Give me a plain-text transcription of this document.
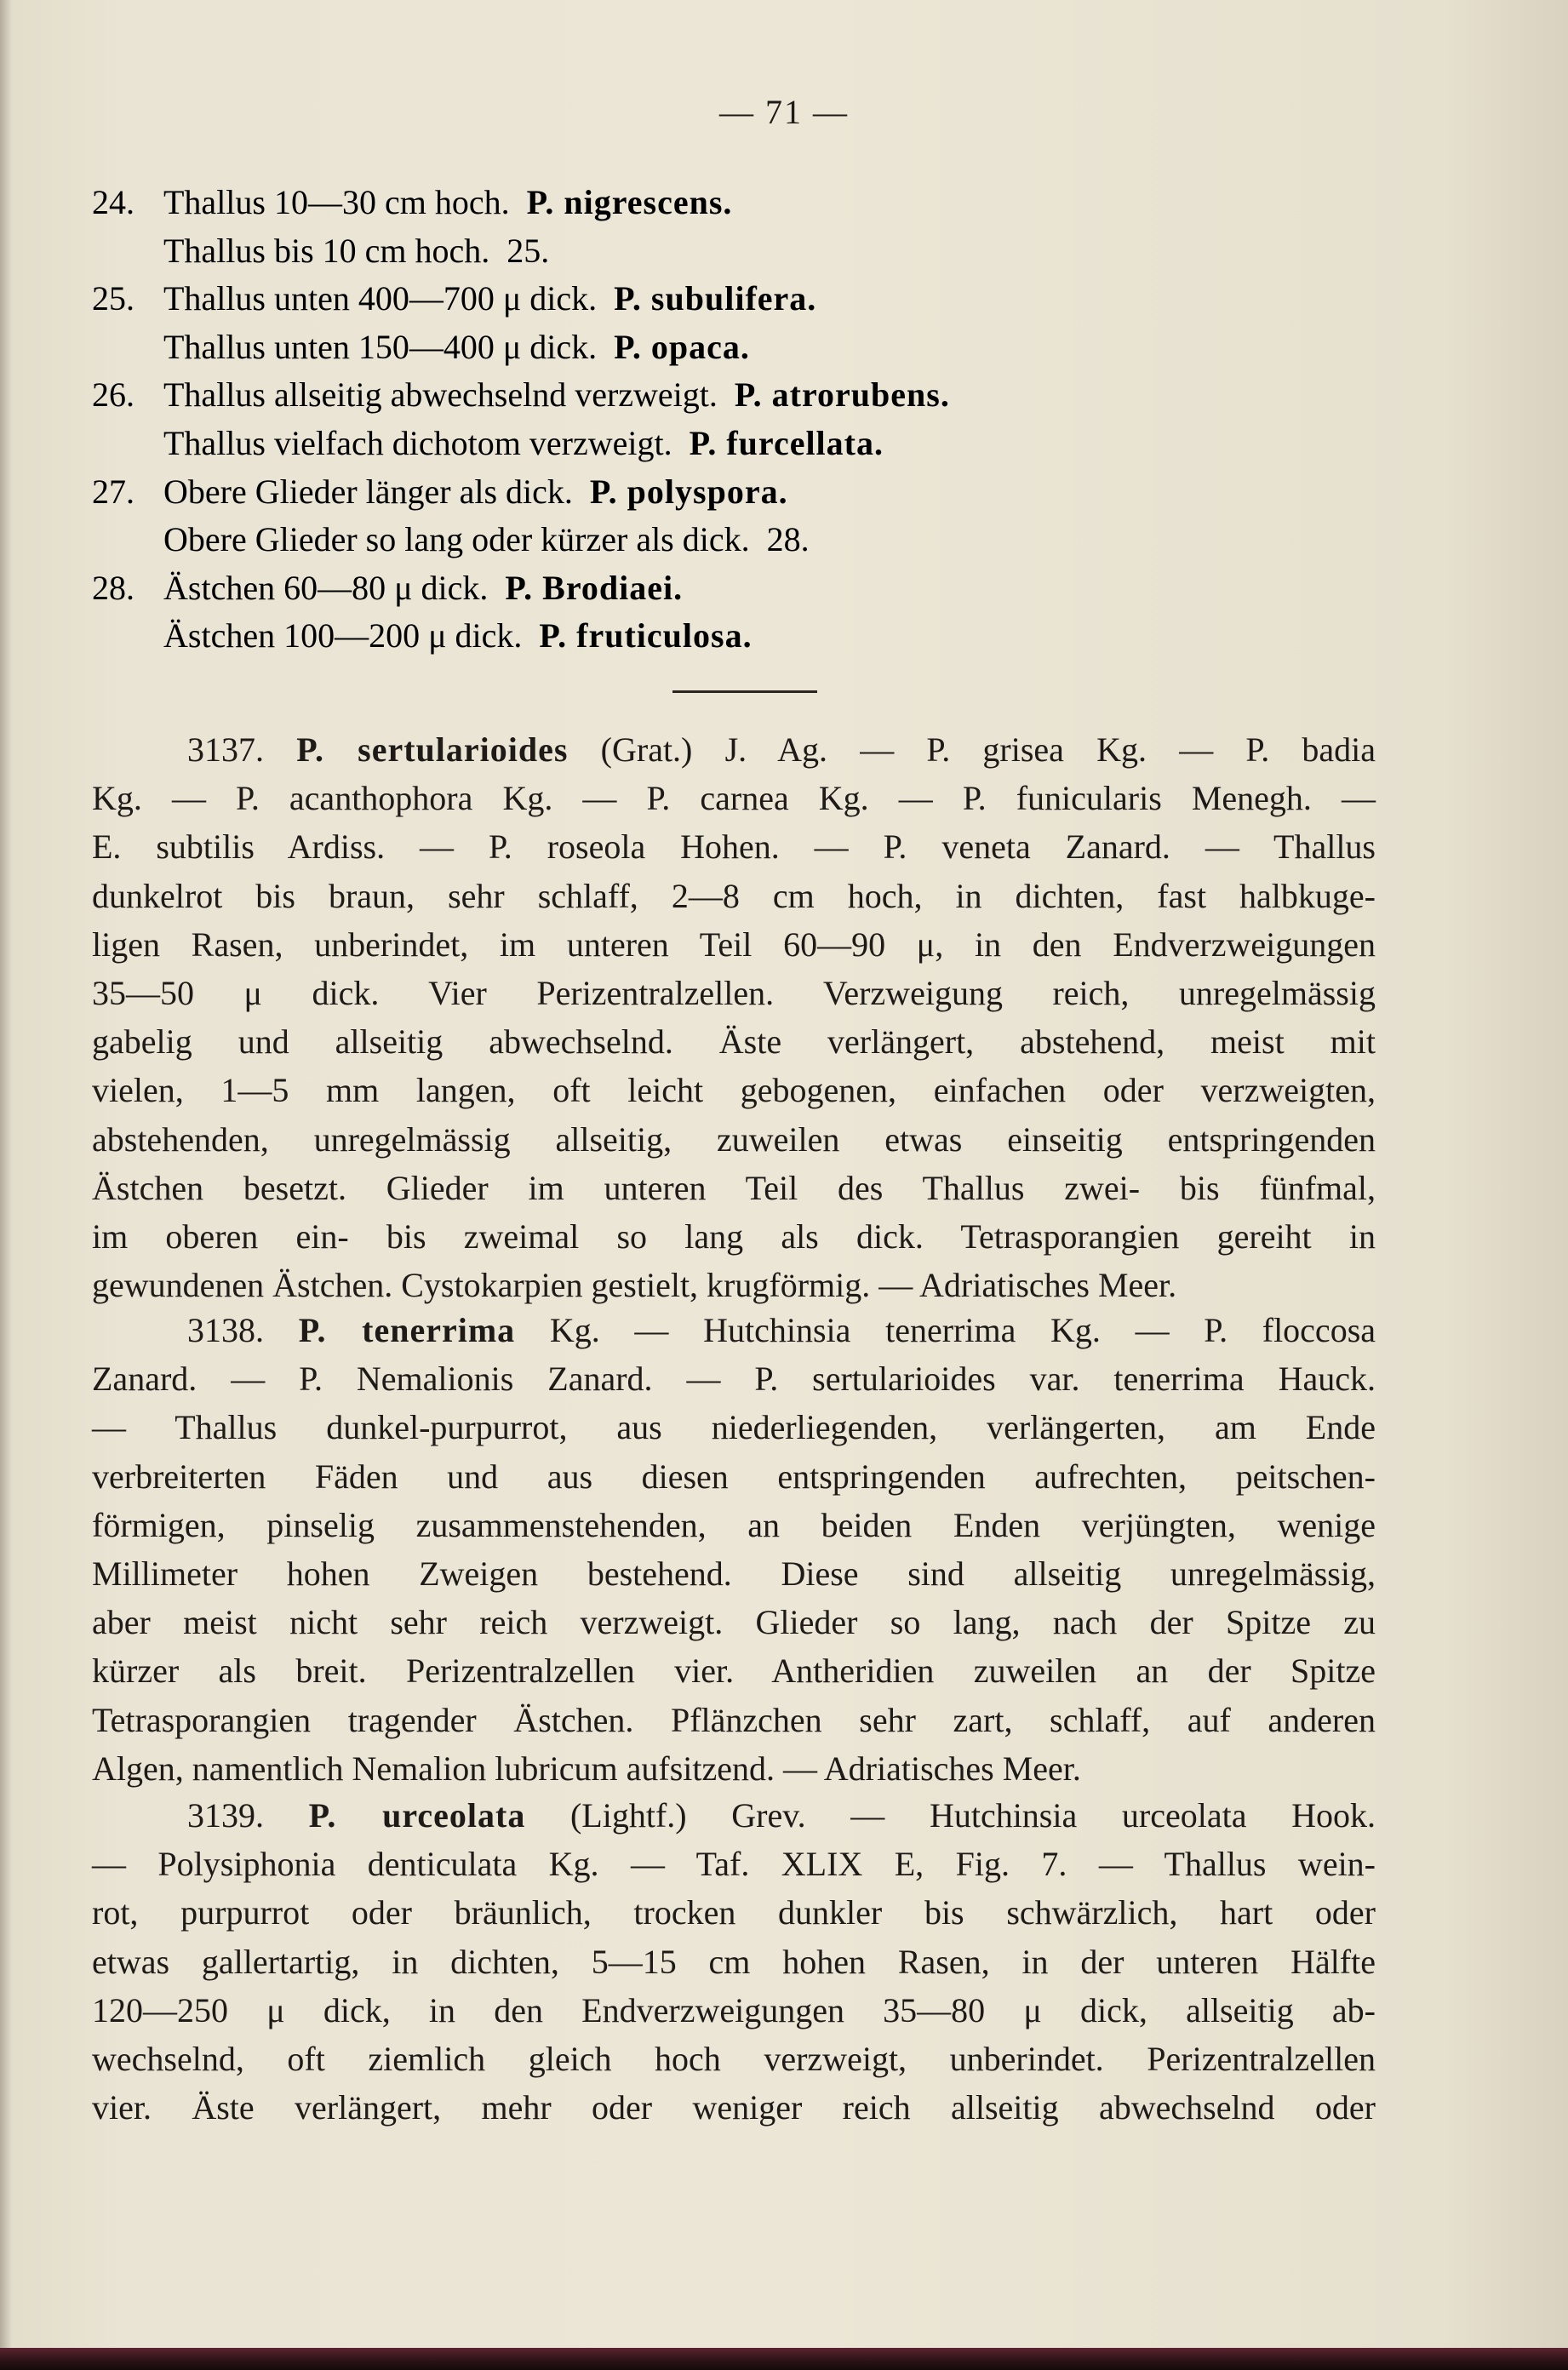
— 71 —
24. Thallus 10—30 cm hoch. P. nigrescens.
Thallus bis 10 cm hoch. 25.
25. Thallus unten 400—700 μ dick. P. subulifera.
Thallus unten 150—400 μ dick. P. opaca.
26. Thallus allseitig abwechselnd verzweigt. P. atrorubens.
Thallus vielfach dichotom verzweigt. P. furcellata.
27. Obere Glieder länger als dick. P. polyspora.
Obere Glieder so lang oder kürzer als dick. 28.
28. Ästchen 60—80 μ dick. P. Brodiaei.
Ästchen 100—200 μ dick. P. fruticulosa.
3137. P. sertularioides (Grat.) J. Ag. — P. grisea Kg. — P. badia
Kg. — P. acanthophora Kg. — P. carnea Kg. — P. funicularis Menegh. —
E. subtilis Ardiss. — P. roseola Hohen. — P. veneta Zanard. — Thallus
dunkelrot bis braun, sehr schlaff, 2—8 cm hoch, in dichten, fast halbkuge-
ligen Rasen, unberindet, im unteren Teil 60—90 μ, in den Endverzweigungen
35—50 μ dick. Vier Perizentralzellen. Verzweigung reich, unregelmässig
gabelig und allseitig abwechselnd. Äste verlängert, abstehend, meist mit
vielen, 1—5 mm langen, oft leicht gebogenen, einfachen oder verzweigten,
abstehenden, unregelmässig allseitig, zuweilen etwas einseitig entspringenden
Ästchen besetzt. Glieder im unteren Teil des Thallus zwei- bis fünfmal,
im oberen ein- bis zweimal so lang als dick. Tetrasporangien gereiht in
gewundenen Ästchen. Cystokarpien gestielt, krugförmig. — Adriatisches Meer.
3138. P. tenerrima Kg. — Hutchinsia tenerrima Kg. — P. floccosa
Zanard. — P. Nemalionis Zanard. — P. sertularioides var. tenerrima Hauck.
— Thallus dunkel-purpurrot, aus niederliegenden, verlängerten, am Ende
verbreiterten Fäden und aus diesen entspringenden aufrechten, peitschen-
förmigen, pinselig zusammenstehenden, an beiden Enden verjüngten, wenige
Millimeter hohen Zweigen bestehend. Diese sind allseitig unregelmässig,
aber meist nicht sehr reich verzweigt. Glieder so lang, nach der Spitze zu
kürzer als breit. Perizentralzellen vier. Antheridien zuweilen an der Spitze
Tetrasporangien tragender Ästchen. Pflänzchen sehr zart, schlaff, auf anderen
Algen, namentlich Nemalion lubricum aufsitzend. — Adriatisches Meer.
3139. P. urceolata (Lightf.) Grev. — Hutchinsia urceolata Hook.
— Polysiphonia denticulata Kg. — Taf. XLIX E, Fig. 7. — Thallus wein-
rot, purpurrot oder bräunlich, trocken dunkler bis schwärzlich, hart oder
etwas gallertartig, in dichten, 5—15 cm hohen Rasen, in der unteren Hälfte
120—250 μ dick, in den Endverzweigungen 35—80 μ dick, allseitig ab-
wechselnd, oft ziemlich gleich hoch verzweigt, unberindet. Perizentralzellen
vier. Äste verlängert, mehr oder weniger reich allseitig abwechselnd oder
